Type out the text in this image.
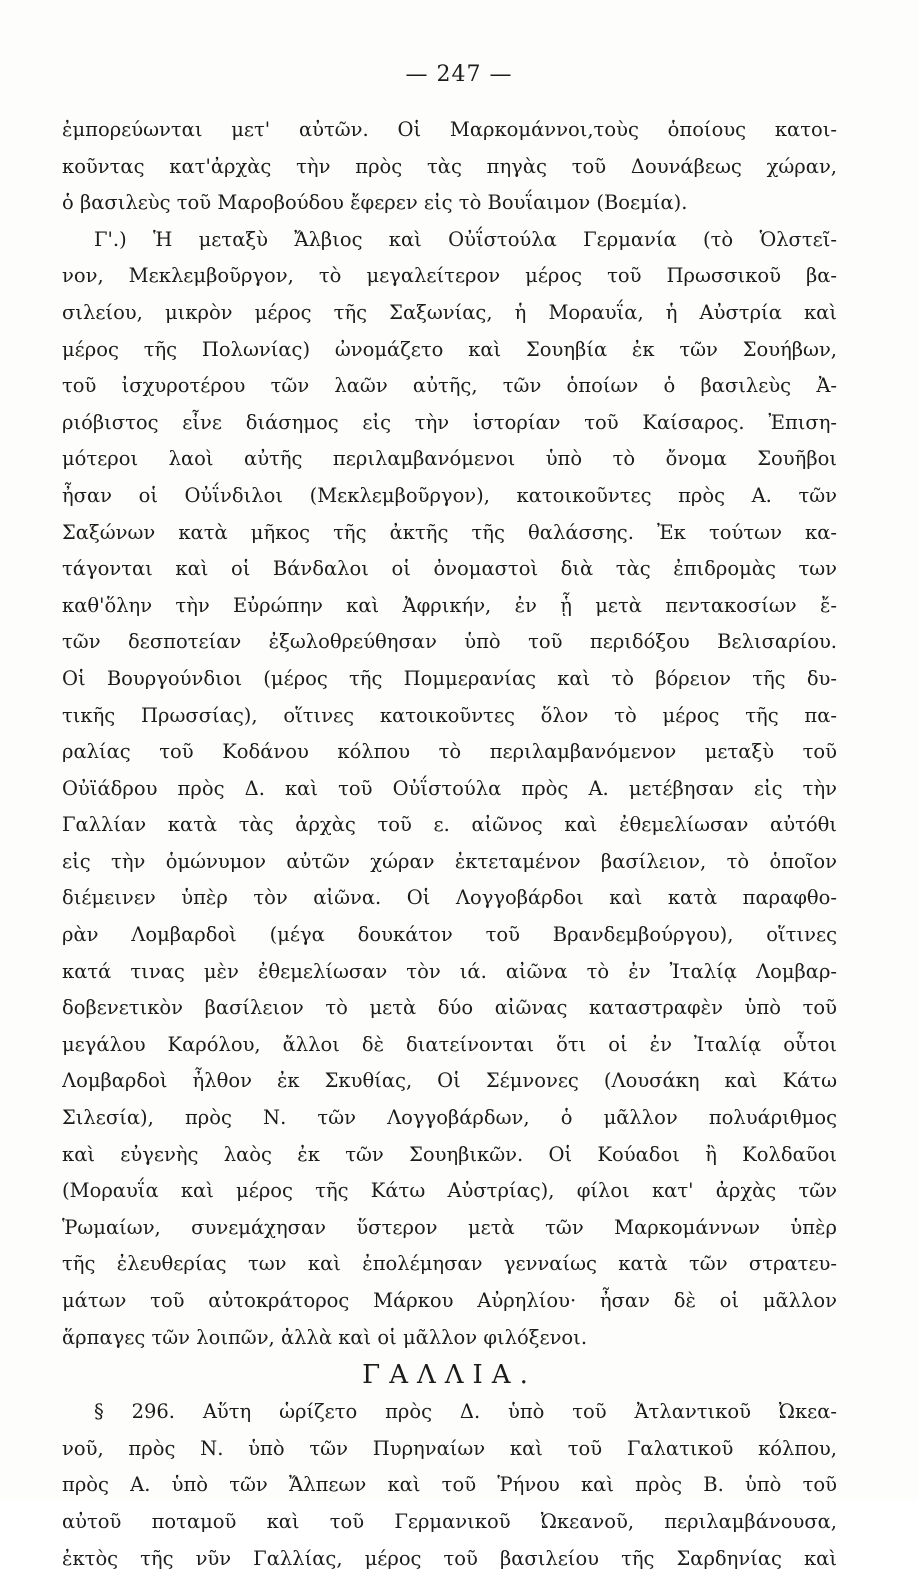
— 247 —
ἐμπορεύωνται μετ' αὐτῶν. Οἱ Μαρκομάννοι,τοὺς ὁποίους κατοι-
κοῦντας κατ'ἀρχὰς τὴν πρὸς τὰς πηγὰς τοῦ Δουνάβεως χώραν,
ὁ βασιλεὺς τοῦ Μαροβούδου ἔφερεν εἰς τὸ Βουΐαιμον (Βοεμία).
Γ'.) Ἡ μεταξὺ Ἄλβιος καὶ Οὐΐστούλα Γερμανία (τὸ Ὁλστεῖ-
νον, Μεκλεμβοῦργον, τὸ μεγαλείτερον μέρος τοῦ Πρωσσικοῦ βα-
σιλείου, μικρὸν μέρος τῆς Σαξωνίας, ἡ Μοραυΐα, ἡ Αὐστρία καὶ
μέρος τῆς Πολωνίας) ὠνομάζετο καὶ Σουηβία ἐκ τῶν Σουήβων,
τοῦ ἰσχυροτέρου τῶν λαῶν αὐτῆς, τῶν ὁποίων ὁ βασιλεὺς Ἀ-
ριόβιστος εἶνε διάσημος εἰς τὴν ἱστορίαν τοῦ Καίσαρος. Ἐπιση-
μότεροι λαοὶ αὐτῆς περιλαμβανόμενοι ὑπὸ τὸ ὄνομα Σουῆβοι
ἦσαν οἱ Οὐΐνδιλοι (Μεκλεμβοῦργον), κατοικοῦντες πρὸς Α. τῶν
Σαξώνων κατὰ μῆκος τῆς ἀκτῆς τῆς θαλάσσης. Ἐκ τούτων κα-
τάγονται καὶ οἱ Βάνδαλοι οἱ ὀνομαστοὶ διὰ τὰς ἐπιδρομὰς των
καθ'ὅλην τὴν Εὐρώπην καὶ Ἀφρικήν, ἐν ᾗ μετὰ πεντακοσίων ἔ-
τῶν δεσποτείαν ἐξωλοθρεύθησαν ὑπὸ τοῦ περιδόξου Βελισαρίου.
Οἱ Βουργούνδιοι (μέρος τῆς Πομμερανίας καὶ τὸ βόρειον τῆς δυ-
τικῆς Πρωσσίας), οἵτινες κατοικοῦντες ὅλον τὸ μέρος τῆς πα-
ραλίας τοῦ Κοδάνου κόλπου τὸ περιλαμβανόμενον μεταξὺ τοῦ
Οὐϊάδρου πρὸς Δ. καὶ τοῦ Οὐΐστούλα πρὸς Α. μετέβησαν εἰς τὴν
Γαλλίαν κατὰ τὰς ἀρχὰς τοῦ ε. αἰῶνος καὶ ἐθεμελίωσαν αὐτόθι
εἰς τὴν ὁμώνυμον αὐτῶν χώραν ἐκτεταμένον βασίλειον, τὸ ὁποῖον
διέμεινεν ὑπὲρ τὸν αἰῶνα. Οἱ Λογγοβάρδοι καὶ κατὰ παραφθο-
ρὰν Λομβαρδοὶ (μέγα δουκάτον τοῦ Βρανδεμβούργου), οἵτινες
κατά τινας μὲν ἐθεμελίωσαν τὸν ιά. αἰῶνα τὸ ἐν Ἰταλίᾳ Λομβαρ-
δοβενετικὸν βασίλειον τὸ μετὰ δύο αἰῶνας καταστραφὲν ὑπὸ τοῦ
μεγάλου Καρόλου, ἄλλοι δὲ διατείνονται ὅτι οἱ ἐν Ἰταλίᾳ οὗτοι
Λομβαρδοὶ ἦλθον ἐκ Σκυθίας, Οἱ Σέμνονες (Λουσάκη καὶ Κάτω
Σιλεσία), πρὸς Ν. τῶν Λογγοβάρδων, ὁ μᾶλλον πολυάριθμος
καὶ εὐγενὴς λαὸς ἐκ τῶν Σουηβικῶν. Οἱ Κούαδοι ἢ Κολδαῦοι
(Μοραυΐα καὶ μέρος τῆς Κάτω Αὐστρίας), φίλοι κατ' ἀρχὰς τῶν
Ῥωμαίων, συνεμάχησαν ὕστερον μετὰ τῶν Μαρκομάννων ὑπὲρ
τῆς ἐλευθερίας των καὶ ἐπολέμησαν γενναίως κατὰ τῶν στρατευ-
μάτων τοῦ αὐτοκράτορος Μάρκου Αὐρηλίου· ἦσαν δὲ οἱ μᾶλλον
ἅρπαγες τῶν λοιπῶν, ἀλλὰ καὶ οἱ μᾶλλον φιλόξενοι.
ΓΑΛΛΙΑ.
§ 296. Αὕτη ὡρίζετο πρὸς Δ. ὑπὸ τοῦ Ἀτλαντικοῦ Ὠκεα-
νοῦ, πρὸς Ν. ὑπὸ τῶν Πυρηναίων καὶ τοῦ Γαλατικοῦ κόλπου,
πρὸς Α. ὑπὸ τῶν Ἄλπεων καὶ τοῦ Ῥήνου καὶ πρὸς Β. ὑπὸ τοῦ
αὐτοῦ ποταμοῦ καὶ τοῦ Γερμανικοῦ Ὠκεανοῦ, περιλαμβάνουσα,
ἐκτὸς τῆς νῦν Γαλλίας, μέρος τοῦ βασιλείου τῆς Σαρδηνίας καὶ
